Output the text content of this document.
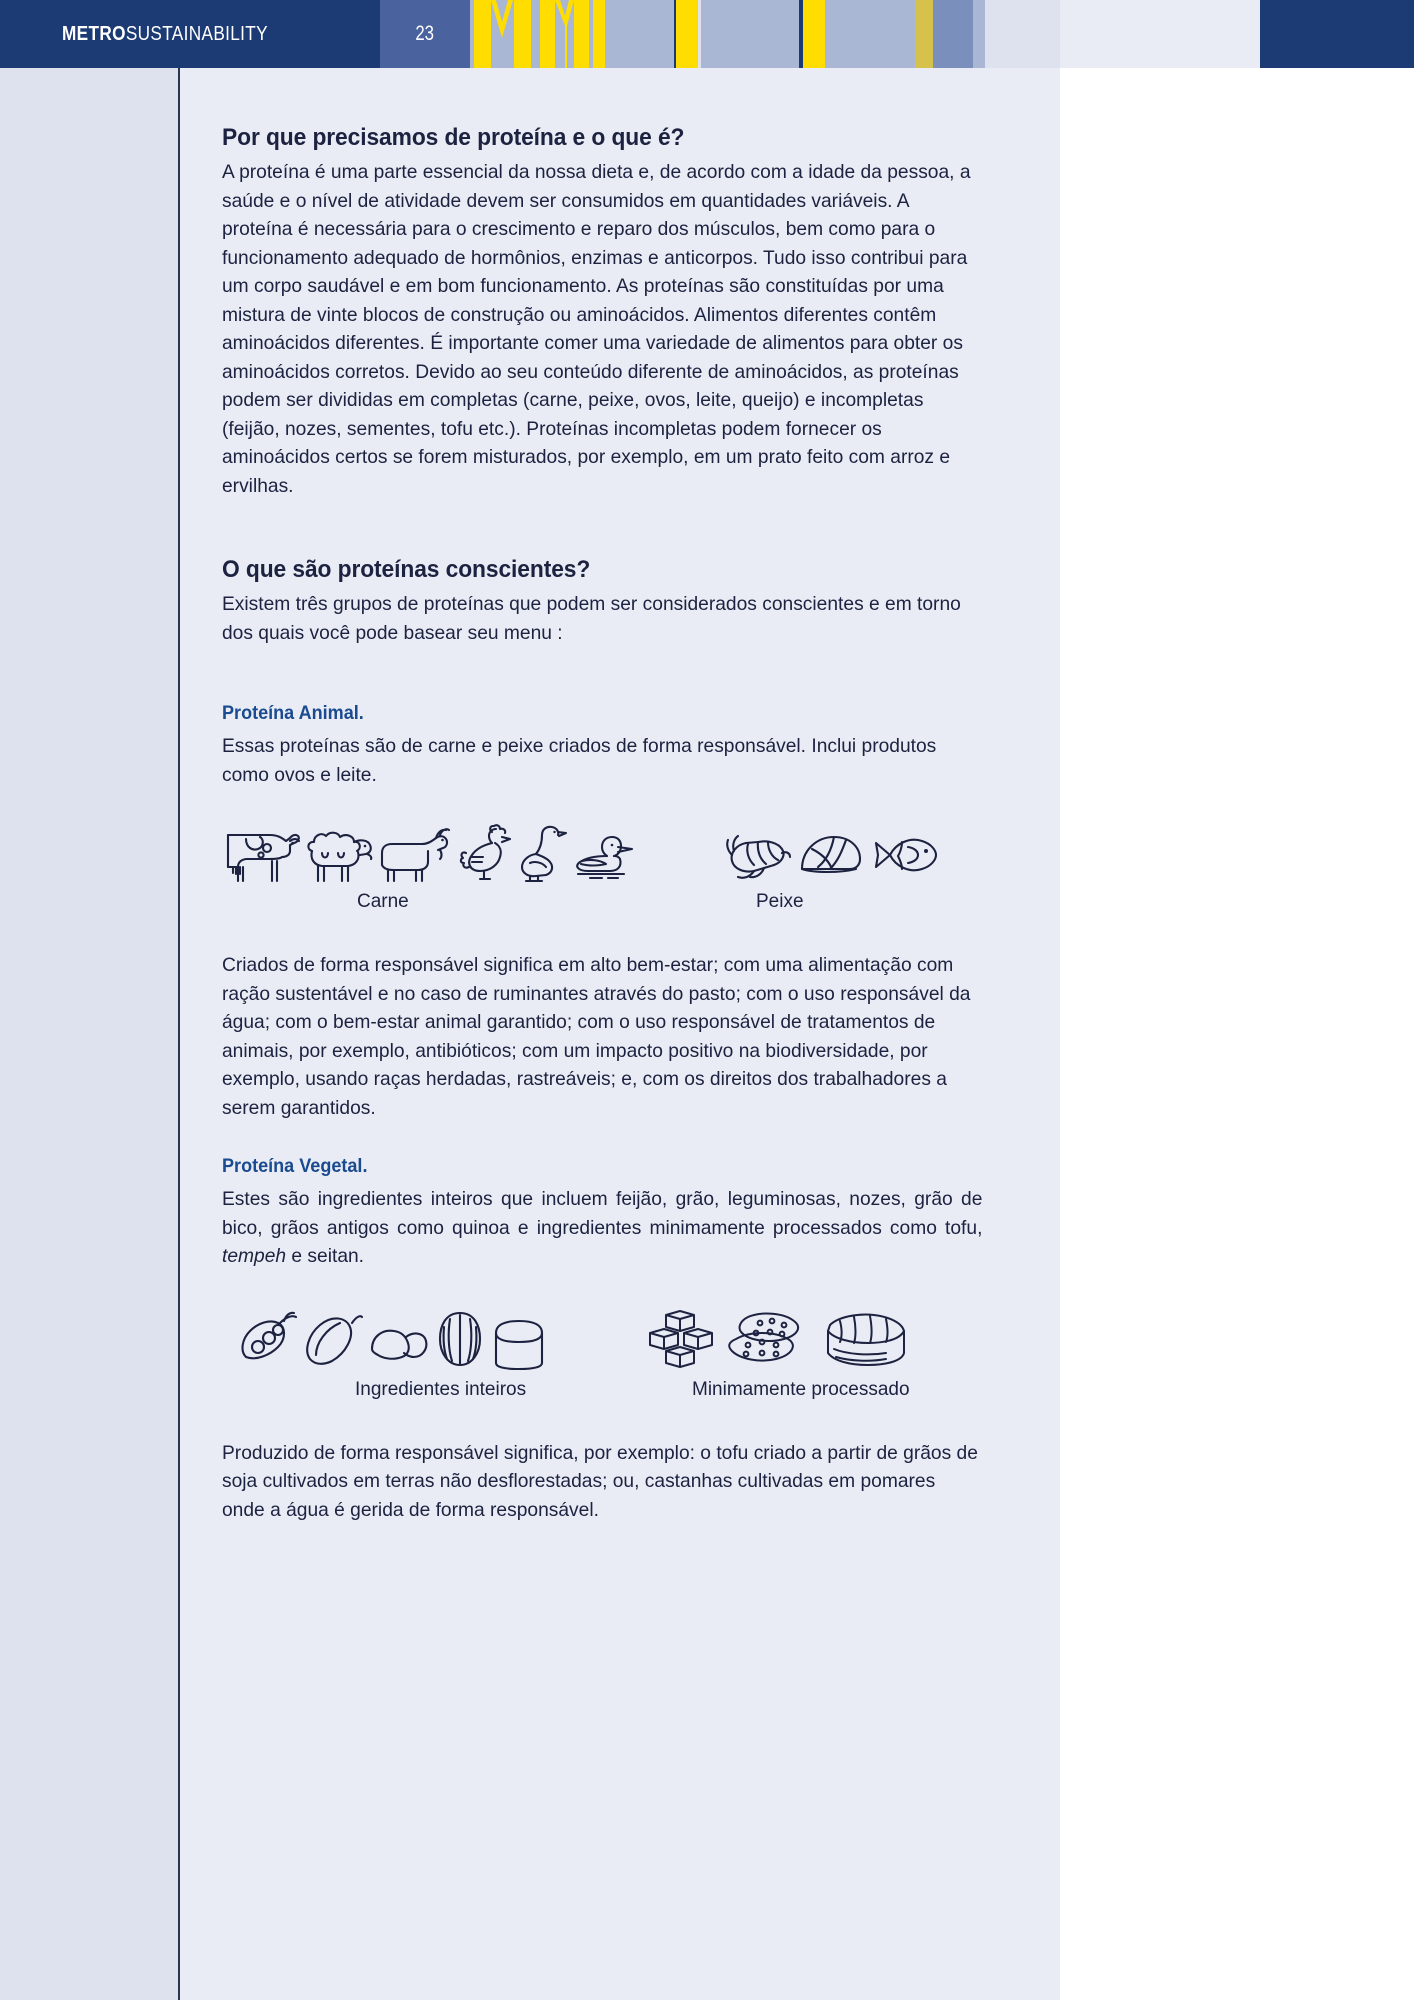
METROSUSTAINABILITY	23
Por que precisamos de proteína e o que é?

A proteína é uma parte essencial da nossa dieta e, de acordo com a idade da pessoa, a saúde e o nível de atividade devem ser consumidos em quantidades variáveis. A proteína é necessária para o crescimento e reparo dos músculos, bem como para o funcionamento adequado de hormônios, enzimas e anticorpos. Tudo isso contribui para um corpo saudável e em bom funcionamento. As proteínas são constituídas por uma mistura de vinte blocos de construção ou aminoácidos. Alimentos diferentes contêm aminoácidos diferentes. É importante comer uma variedade de alimentos para obter os aminoácidos corretos. Devido ao seu conteúdo diferente de aminoácidos, as proteínas podem ser divididas em completas (carne, peixe, ovos, leite, queijo) e incompletas (feijão, nozes, sementes, tofu etc.). Proteínas incompletas podem fornecer os aminoácidos certos se forem misturados, por exemplo, em um prato feito com arroz e ervilhas.

O que são proteínas conscientes?

Existem três grupos de proteínas que podem ser considerados conscientes e em torno dos quais você pode basear seu menu :

Proteína Animal.

Essas proteínas são de carne e peixe criados de forma responsável. Inclui produtos como ovos e leite.

Carne	Peixe

Criados de forma responsável significa em alto bem-estar; com uma alimentação com ração sustentável e no caso de ruminantes através do pasto; com o uso responsável da água; com o bem-estar animal garantido; com o uso responsável de tratamentos de animais, por exemplo, antibióticos; com um impacto positivo na biodiversidade, por exemplo, usando raças herdadas, rastreáveis; e, com os direitos dos trabalhadores a serem garantidos.

Proteína Vegetal.

Estes são ingredientes inteiros que incluem feijão, grão, leguminosas, nozes, grão de bico, grãos antigos como quinoa e ingredientes minimamente processados como tofu, tempeh e seitan.

Ingredientes inteiros	Minimamente processado

Produzido de forma responsável significa, por exemplo: o tofu criado a partir de grãos de soja cultivados em terras não desflorestadas; ou, castanhas cultivadas em pomares onde a água é gerida de forma responsável.
